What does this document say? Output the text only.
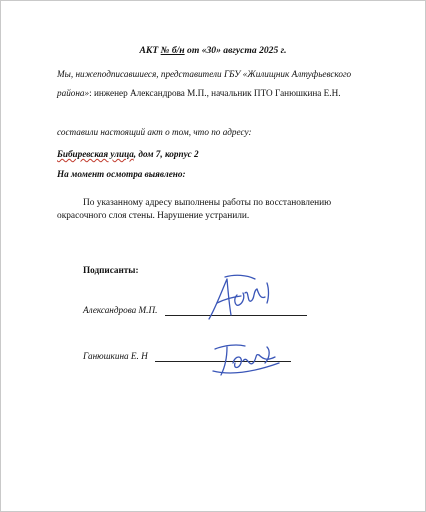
АКТ № б/н от «30» августа 2025 г.
Мы, нижеподписавшиеся, представители ГБУ «Жилищник Алтуфьевского
района»: инженер Александрова М.П., начальник ПТО Ганюшкина Е.Н.
составили настоящий акт о том, что по адресу:
Бибиревская улица, дом 7, корпус 2
На момент осмотра выявлено:
По указанному адресу выполнены работы по восстановлению окрасочного слоя стены. Нарушение устранили.
Подписанты:
Александрова М.П.
Ганюшкина Е. Н
